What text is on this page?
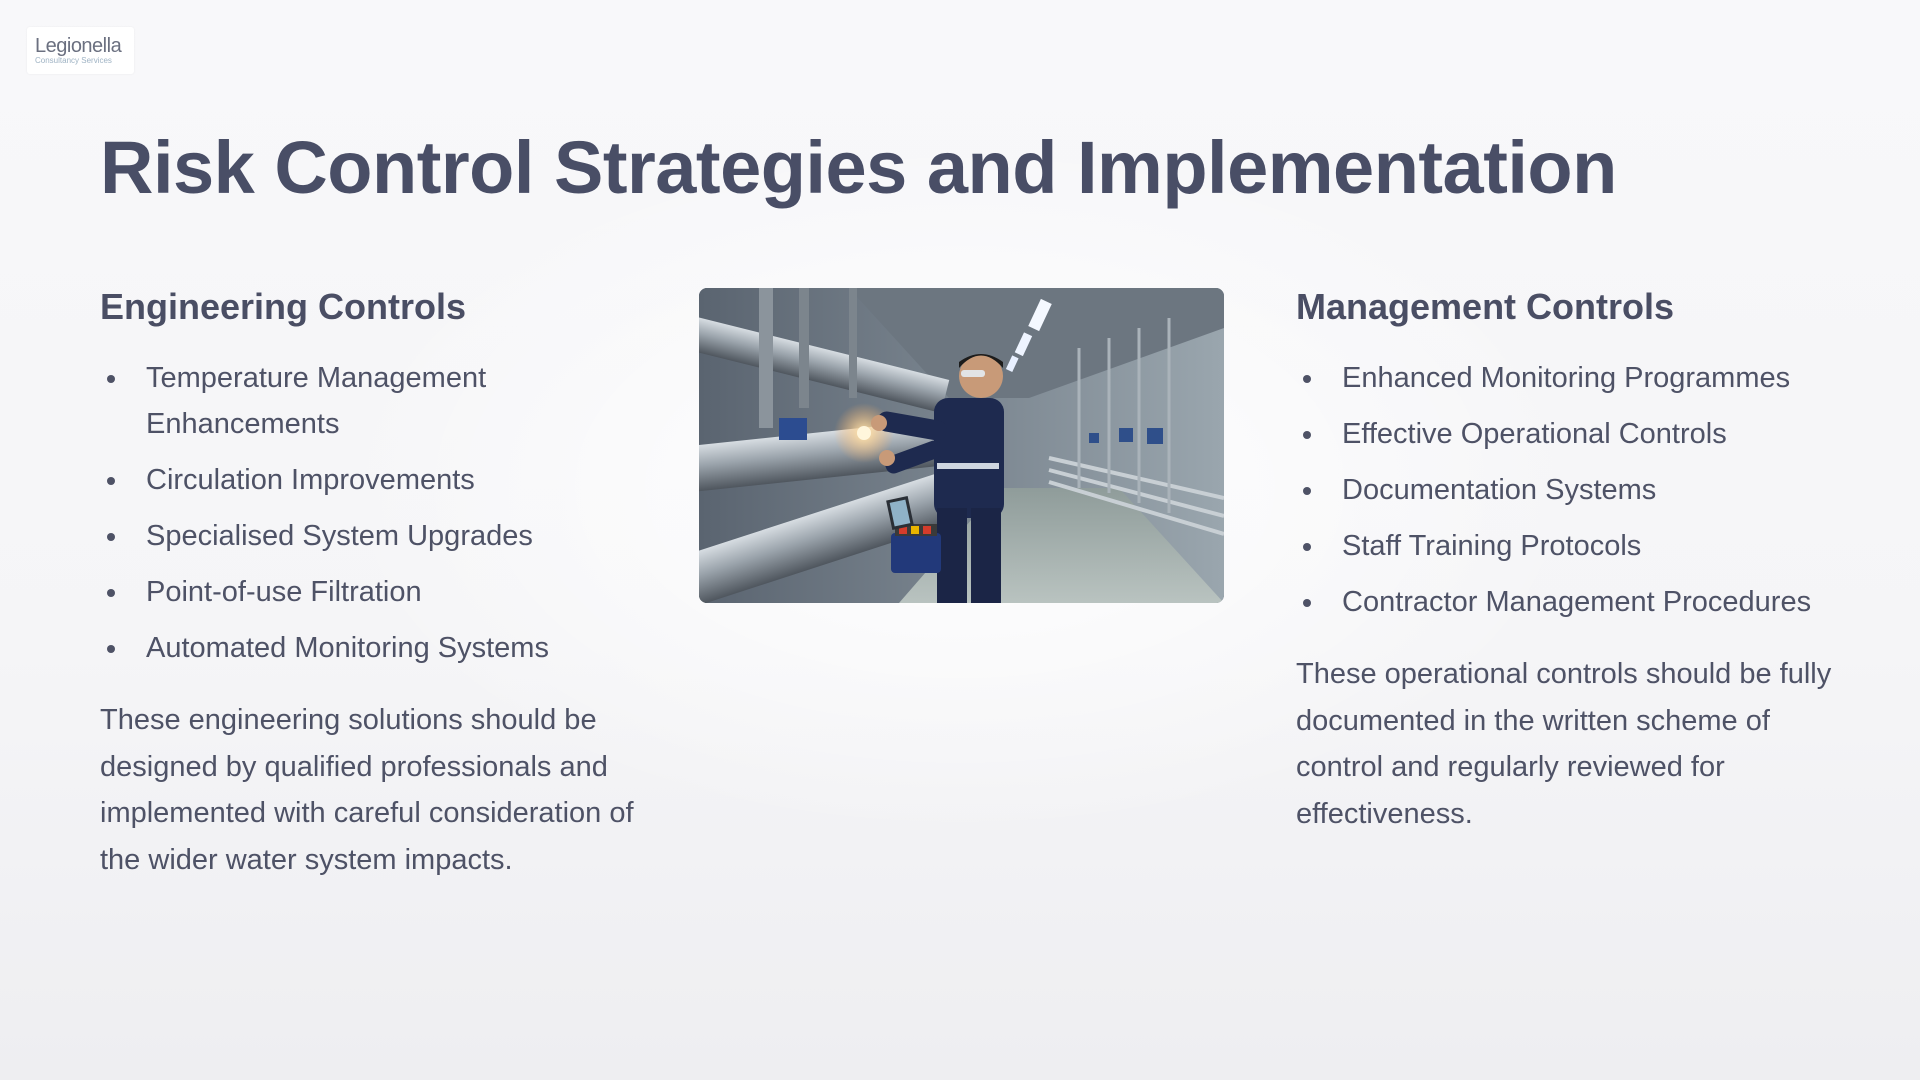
Legionella
Consultancy Services
Risk Control Strategies and Implementation
Engineering Controls
Temperature Management Enhancements
Circulation Improvements
Specialised System Upgrades
Point-of-use Filtration
Automated Monitoring Systems

These engineering solutions should be designed by qualified professionals and implemented with careful consideration of the wider water system impacts.

Management Controls
Enhanced Monitoring Programmes
Effective Operational Controls
Documentation Systems
Staff Training Protocols
Contractor Management Procedures

These operational controls should be fully documented in the written scheme of control and regularly reviewed for effectiveness.
